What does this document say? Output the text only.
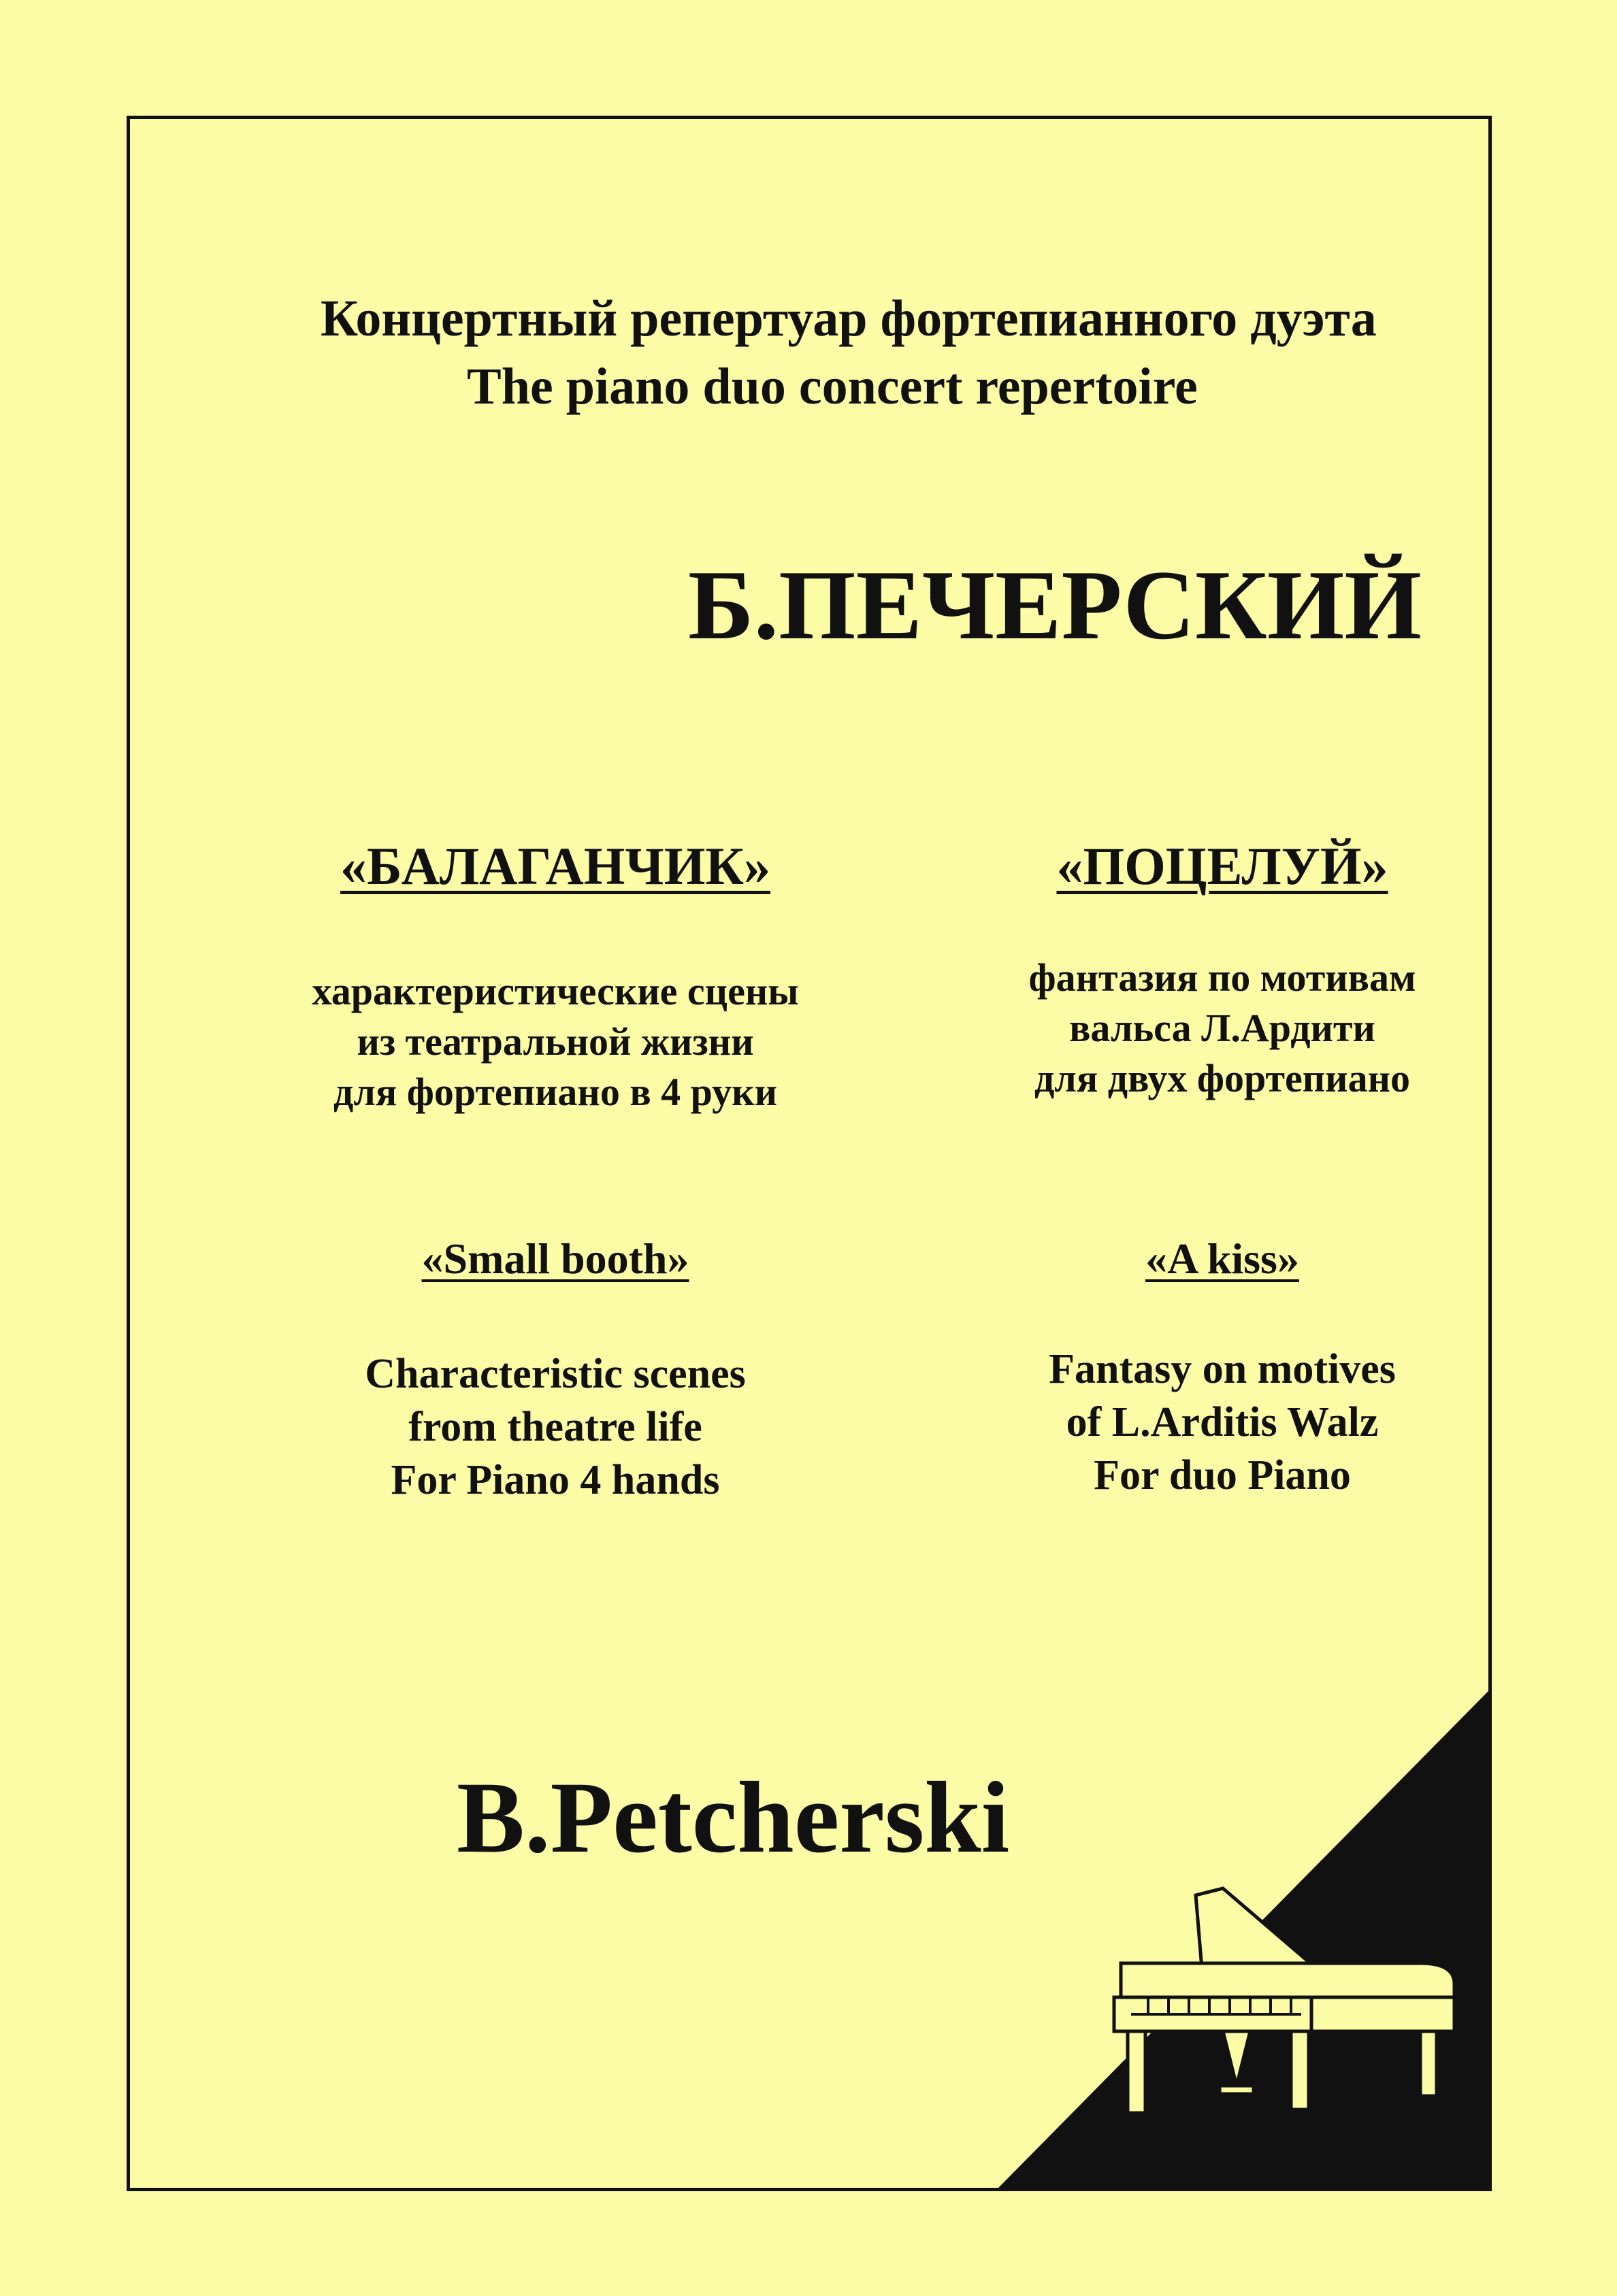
Концертный репертуар фортепианного дуэта
The piano duo concert repertoire
Б.ПЕЧЕРСКИЙ
«БАЛАГАНЧИК»
характеристические сцены
из театральной жизни
для фортепиано в 4 руки
«Small booth»
Characteristic scenes
from theatre life
For Piano 4 hands
«ПОЦЕЛУЙ»
фантазия по мотивам
вальса Л.Ардити
для двух фортепиано
«A kiss»
Fantasy on motives
of L.Arditis Walz
For duo Piano
B.Petcherski
